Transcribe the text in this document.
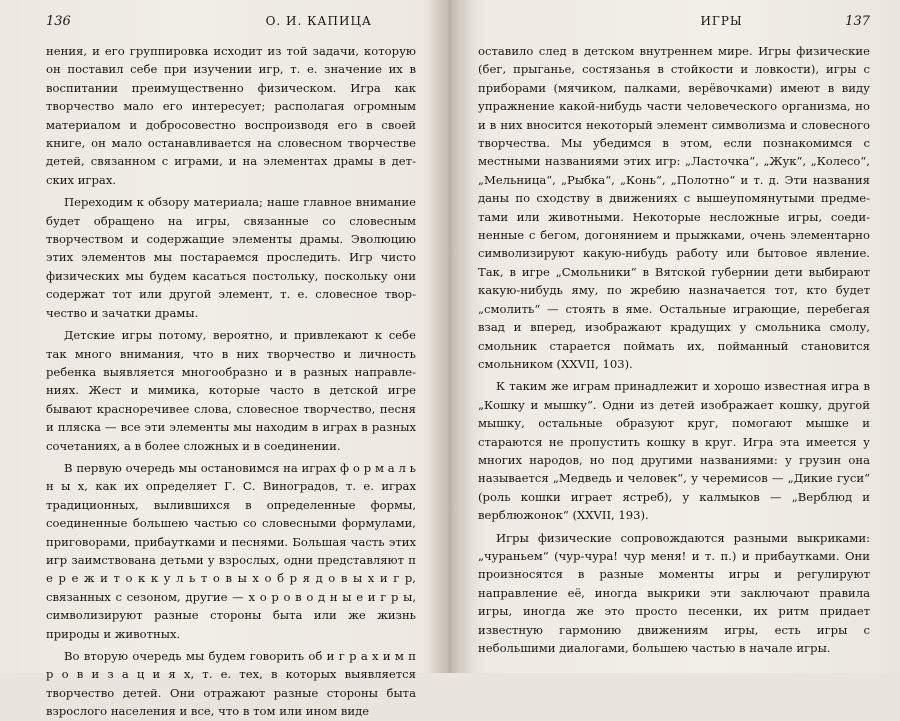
136	О. И. КАПИЦА

нения, и его группировка исходит из той задачи, которую он поставил себе при изучении игр, т. е. значение их в воспитании преимущественно физическом. Игра как творчество мало его интересует; располагая огромным материалом и добросовестно воспроизводя его в своей книге, он мало останавливается на словесном творчестве детей, связанном с играми, и на элементах драмы в детских играх.

Переходим к обзору материала; наше главное внимание будет обращено на игры, связанные со словесным творчеством и содержащие элементы драмы. Эволюцию этих элементов мы постараемся проследить. Игр чисто физических мы будем касаться постольку, поскольку они содержат тот или другой элемент, т. е. словесное творчество и зачатки драмы.

Детские игры потому, вероятно, и привлекают к себе так много внимания, что в них творчество и личность ребенка выявляется многообразно и в разных направлениях. Жест и мимика, которые часто в детской игре бывают красноречивее слова, словесное творчество, песня и пляска — все эти элементы мы находим в играх в разных сочетаниях, а в более сложных и в соединении.

В первую очередь мы остановимся на играх ф о р м а л ь н ы х, как их определяет Г. С. Виноградов, т. е. играх традиционных, вылившихся в определенные формы, соединенные большею частью со словесными формулами, приговорами, прибаутками и песнями. Большая часть этих игр заимствована детьми у взрослых, одни представляют п е р е ж и т о к к у л ь т о в ы х о б р я д о в ы х и г р, связанных с сезоном, другие — х о р о в о д н ы е и г р ы, символизируют разные стороны быта или же жизнь природы и животных.

Во вторую очередь мы будем говорить об и г р а х и м п р о в и з а ц и я х, т. е. тех, в которых выявляется творчество детей. Они отражают разные стороны быта взрослого населения и все, что в том или ином виде

ИГРЫ	137

оставило след в детском внутреннем мире. Игры физические (бег, прыганье, состязанья в стойкости и ловкости), игры с приборами (мячиком, палками, верёвочками) имеют в виду упражнение какой-нибудь части человеческого организма, но и в них вносится некоторый элемент символизма и словесного творчества. Мы убедимся в этом, если познакомимся с местными названиями этих игр: „Ласточка“, „Жук“, „Колесо“, „Мельница“, „Рыбка“, „Конь“, „Полотно“ и т. д. Эти названия даны по сходству в движениях с вышеупомянутыми предметами или животными. Некоторые несложные игры, соединенные с бегом, догонянием и прыжками, очень элементарно символизируют какую-нибудь работу или бытовое явление. Так, в игре „Смольники“ в Вятской губернии дети выбирают какую-нибудь яму, по жребию назначается тот, кто будет „смолить“ — стоять в яме. Остальные играющие, перебегая взад и вперед, изображают крадущих у смольника смолу, смольник старается поймать их, пойманный становится смольником (XXVII, 103).

К таким же играм принадлежит и хорошо известная игра в „Кошку и мышку“. Одни из детей изображает кошку, другой мышку, остальные образуют круг, помогают мышке и стараются не пропустить кошку в круг. Игра эта имеется у многих народов, но под другими названиями: у грузин она называется „Медведь и человек“, у черемисов — „Дикие гуси“ (роль кошки играет ястреб), у калмыков — „Верблюд и верблюжонок“ (XXVII, 193).

Игры физические сопровождаются разными выкриками: „чураньем“ (чур-чура! чур меня! и т. п.) и прибаутками. Они произносятся в разные моменты игры и регулируют направление её, иногда выкрики эти заключают правила игры, иногда же это просто песенки, их ритм придает известную гармонию движениям игры, есть игры с небольшими диалогами, большею частью в начале игры.
